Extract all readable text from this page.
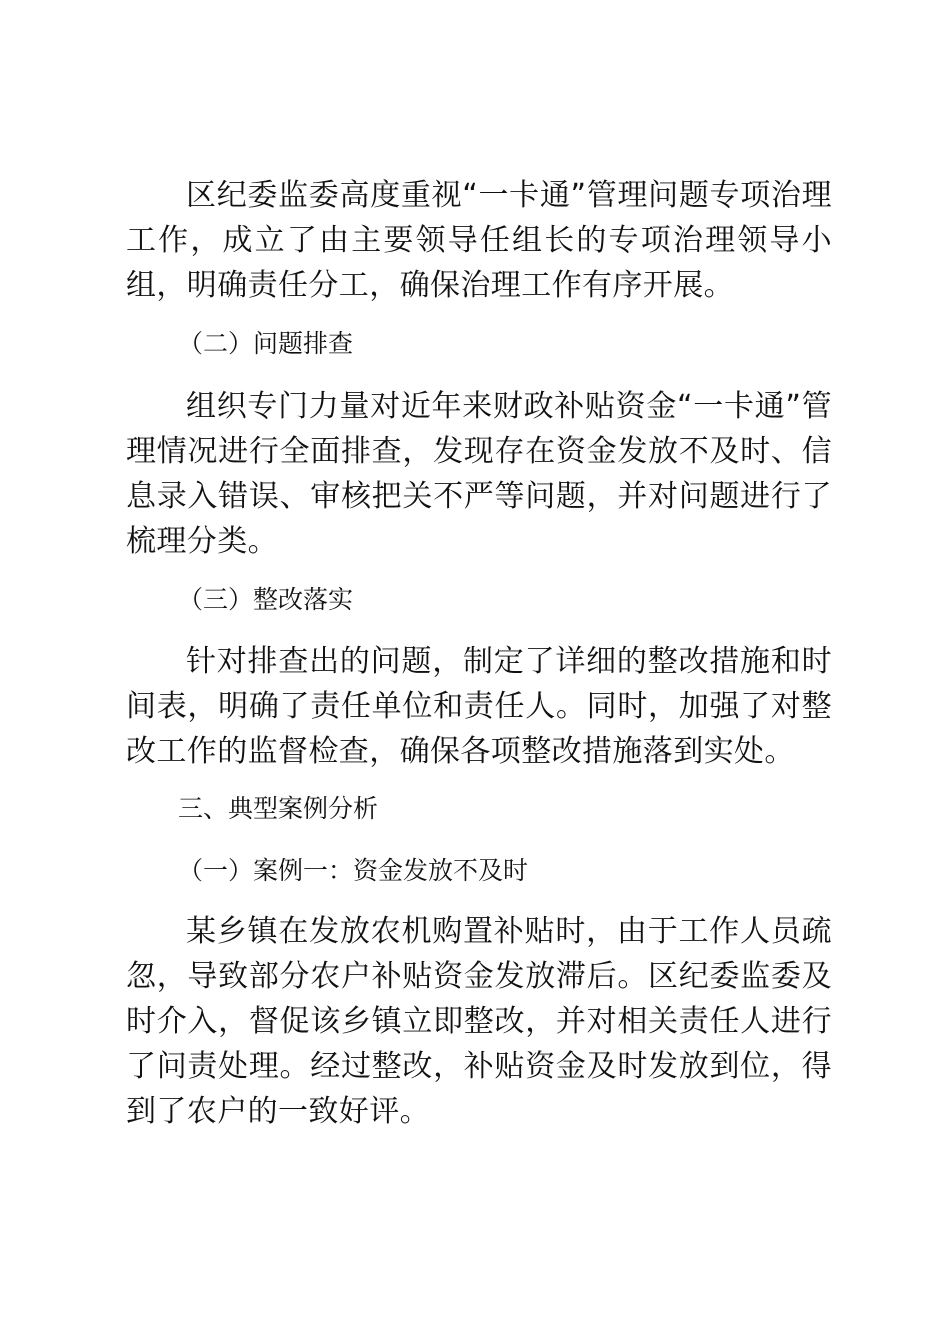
区纪委监委高度重视“一卡通”管理问题专项治理工作，成立了由主要领导任组长的专项治理领导小组，明确责任分工，确保治理工作有序开展。

（二）问题排查

组织专门力量对近年来财政补贴资金“一卡通”管理情况进行全面排查，发现存在资金发放不及时、信息录入错误、审核把关不严等问题，并对问题进行了梳理分类。

（三）整改落实

针对排查出的问题，制定了详细的整改措施和时间表，明确了责任单位和责任人。同时，加强了对整改工作的监督检查，确保各项整改措施落到实处。

三、典型案例分析

（一）案例一：资金发放不及时

某乡镇在发放农机购置补贴时，由于工作人员疏忽，导致部分农户补贴资金发放滞后。区纪委监委及时介入，督促该乡镇立即整改，并对相关责任人进行了问责处理。经过整改，补贴资金及时发放到位，得到了农户的一致好评。
